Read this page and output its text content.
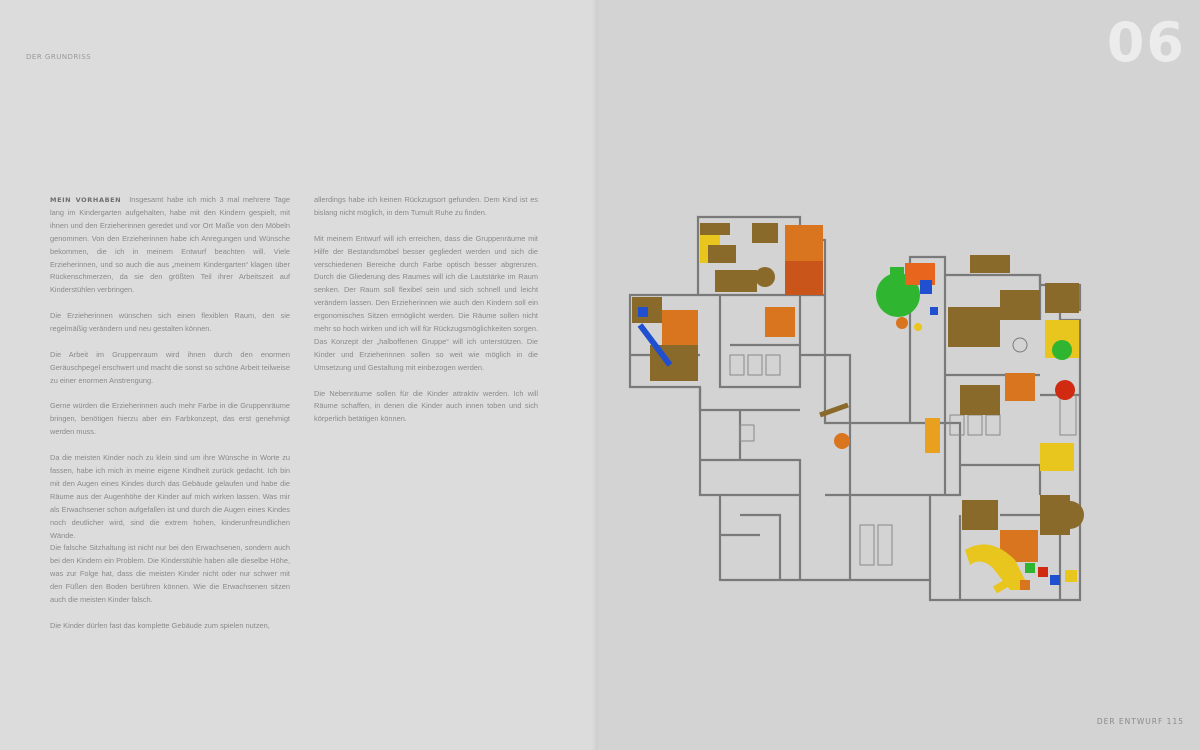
DER GRUNDRISS

MEIN VORHABEN Insgesamt habe ich mich 3 mal mehrere Tage lang im Kindergarten aufgehalten, habe mit den Kindern gespielt, mit ihnen und den Erzieherinnen geredet und vor Ort Maße von den Möbeln genommen. Von den Erzieherinnen habe ich Anregungen und Wünsche bekommen, die ich in meinem Entwurf beachten will. Viele Erzieherinnen, und so auch die aus „meinem Kindergarten“ klagen über Rückenschmerzen, da sie den größten Teil ihrer Arbeitszeit auf Kinderstühlen verbringen.

Die Erzieherinnen wünschen sich einen flexiblen Raum, den sie regelmäßig verändern und neu gestalten können.

Die Arbeit im Gruppenraum wird ihnen durch den enormen Geräuschpegel erschwert und macht die sonst so schöne Arbeit teilweise zu einer enormen Anstrengung.

Gerne würden die Erzieherinnen auch mehr Farbe in die Gruppenräume bringen, benötigen hierzu aber ein Farbkonzept, das erst genehmigt werden muss.

Da die meisten Kinder noch zu klein sind um ihre Wünsche in Worte zu fassen, habe ich mich in meine eigene Kindheit zurück gedacht. Ich bin mit den Augen eines Kindes durch das Gebäude gelaufen und habe die Räume aus der Augenhöhe der Kinder auf mich wirken lassen. Was mir als Erwachsener schon aufgefallen ist und durch die Augen eines Kindes noch deutlicher wird, sind die extrem hohen, kinderunfreundlichen Wände.
Die falsche Sitzhaltung ist nicht nur bei den Erwachsenen, sondern auch bei den Kindern ein Problem. Die Kinderstühle haben alle dieselbe Höhe, was zur Folge hat, dass die meisten Kinder nicht oder nur schwer mit den Füßen den Boden berühren können. Wie die Erwachsenen sitzen auch die meisten Kinder falsch.

Die Kinder dürfen fast das komplette Gebäude zum spielen nutzen,

allerdings habe ich keinen Rückzugsort gefunden. Dem Kind ist es bislang nicht möglich, in dem Tumult Ruhe zu finden.

Mit meinem Entwurf will ich erreichen, dass die Gruppenräume mit Hilfe der Bestandsmöbel besser gegliedert werden und sich die verschiedenen Bereiche durch Farbe optisch besser abgrenzen. Durch die Gliederung des Raumes will ich die Lautstärke im Raum senken. Der Raum soll flexibel sein und sich schnell und leicht verändern lassen. Den Erzieherinnen wie auch den Kindern soll ein ergonomisches Sitzen ermöglicht werden. Die Räume sollen nicht mehr so hoch wirken und ich will für Rückzugsmöglichkeiten sorgen. Das Konzept der „halboffenen Gruppe“ will ich unterstützen. Die Kinder und Erzieherinnen sollen so weit wie möglich in die Umsetzung und Gestaltung mit einbezogen werden.

Die Nebenräume sollen für die Kinder attraktiv werden. Ich will Räume schaffen, in denen die Kinder auch innen toben und sich körperlich betätigen können.

06
DER ENTWURF 115
